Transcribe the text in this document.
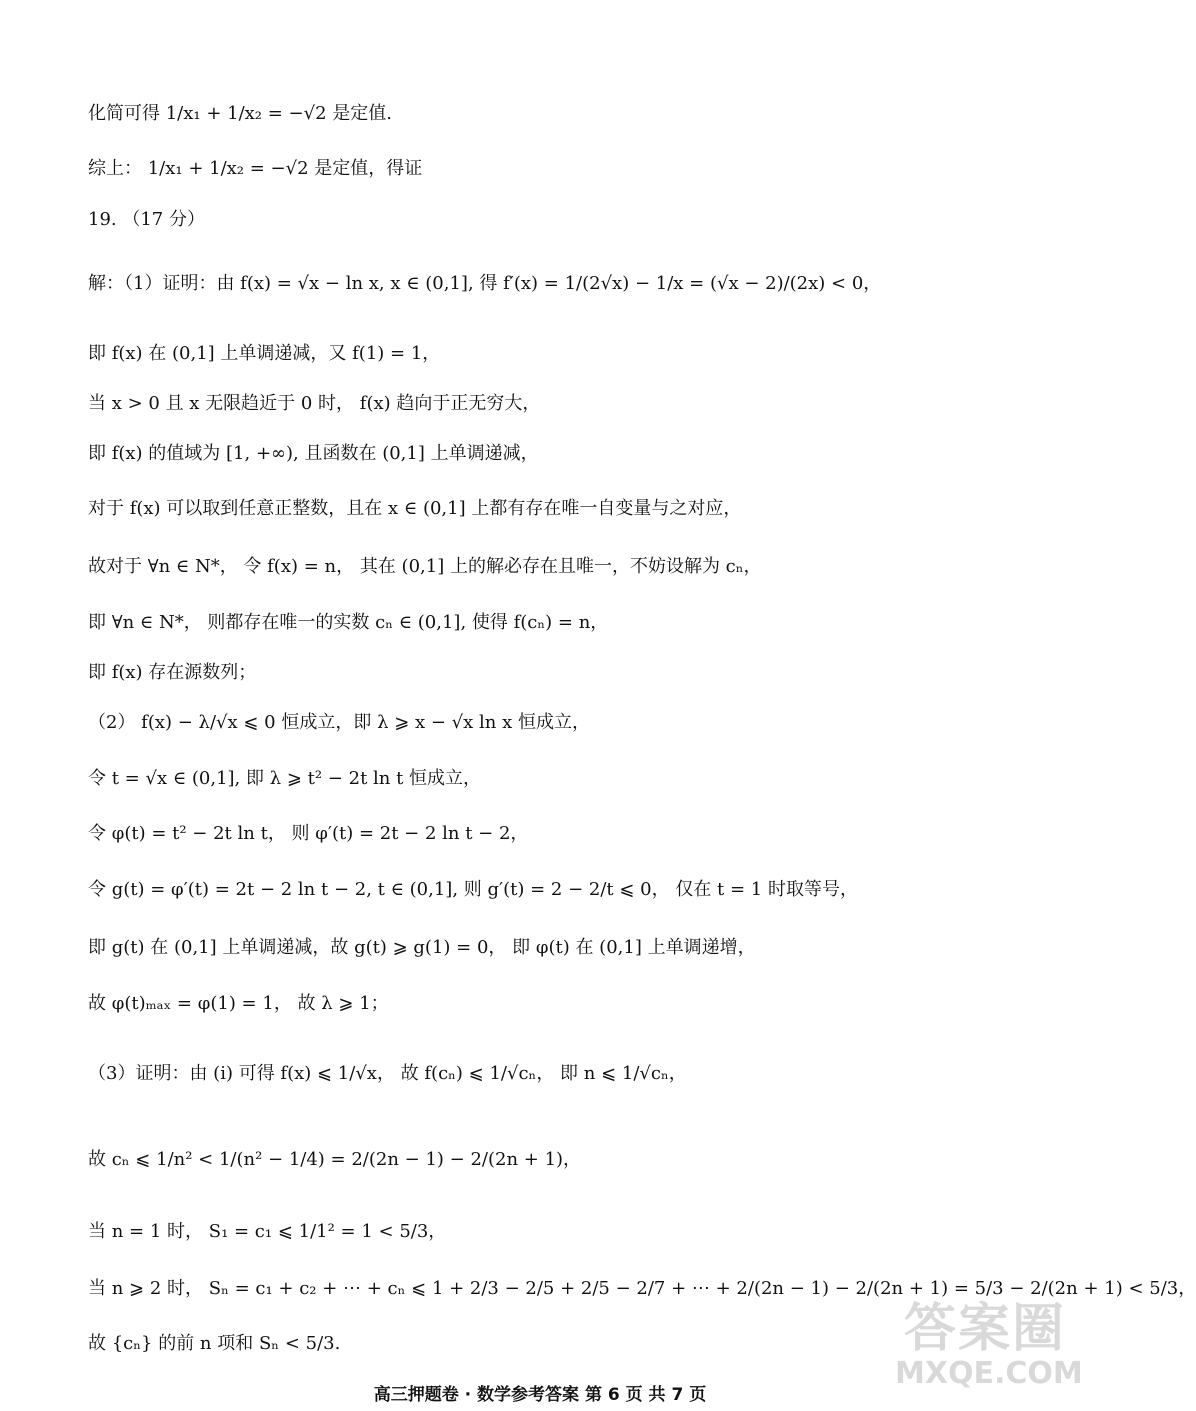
化简可得 1/x₁ + 1/x₂ = −√2 是定值.
综上： 1/x₁ + 1/x₂ = −√2 是定值，得证
19. （17 分）
解：（1）证明：由 f(x) = √x − ln x, x ∈ (0,1], 得 f′(x) = 1/(2√x) − 1/x = (√x − 2)/(2x) < 0，
即 f(x) 在 (0,1] 上单调递减，又 f(1) = 1，
当 x > 0 且 x 无限趋近于 0 时， f(x) 趋向于正无穷大，
即 f(x) 的值域为 [1, +∞), 且函数在 (0,1] 上单调递减，
对于 f(x) 可以取到任意正整数，且在 x ∈ (0,1] 上都有存在唯一自变量与之对应，
故对于 ∀n ∈ N*， 令 f(x) = n， 其在 (0,1] 上的解必存在且唯一，不妨设解为 cₙ，
即 ∀n ∈ N*， 则都存在唯一的实数 cₙ ∈ (0,1], 使得 f(cₙ) = n，
即 f(x) 存在源数列；
（2） f(x) − λ/√x ⩽ 0 恒成立，即 λ ⩾ x − √x ln x 恒成立，
令 t = √x ∈ (0,1], 即 λ ⩾ t² − 2t ln t 恒成立，
令 φ(t) = t² − 2t ln t， 则 φ′(t) = 2t − 2 ln t − 2，
令 g(t) = φ′(t) = 2t − 2 ln t − 2, t ∈ (0,1], 则 g′(t) = 2 − 2/t ⩽ 0， 仅在 t = 1 时取等号，
即 g(t) 在 (0,1] 上单调递减，故 g(t) ⩾ g(1) = 0， 即 φ(t) 在 (0,1] 上单调递增，
故 φ(t)ₘₐₓ = φ(1) = 1， 故 λ ⩾ 1；
（3）证明：由 (i) 可得 f(x) ⩽ 1/√x， 故 f(cₙ) ⩽ 1/√cₙ， 即 n ⩽ 1/√cₙ，
故 cₙ ⩽ 1/n² < 1/(n² − 1/4) = 2/(2n − 1) − 2/(2n + 1)，
当 n = 1 时， S₁ = c₁ ⩽ 1/1² = 1 < 5/3，
当 n ⩾ 2 时， Sₙ = c₁ + c₂ + ⋯ + cₙ ⩽ 1 + 2/3 − 2/5 + 2/5 − 2/7 + ⋯ + 2/(2n − 1) − 2/(2n + 1) = 5/3 − 2/(2n + 1) < 5/3，
故 {cₙ} 的前 n 项和 Sₙ < 5/3.
高三押题卷 · 数学参考答案 第 6 页 共 7 页
答案圈
MXQE.COM
